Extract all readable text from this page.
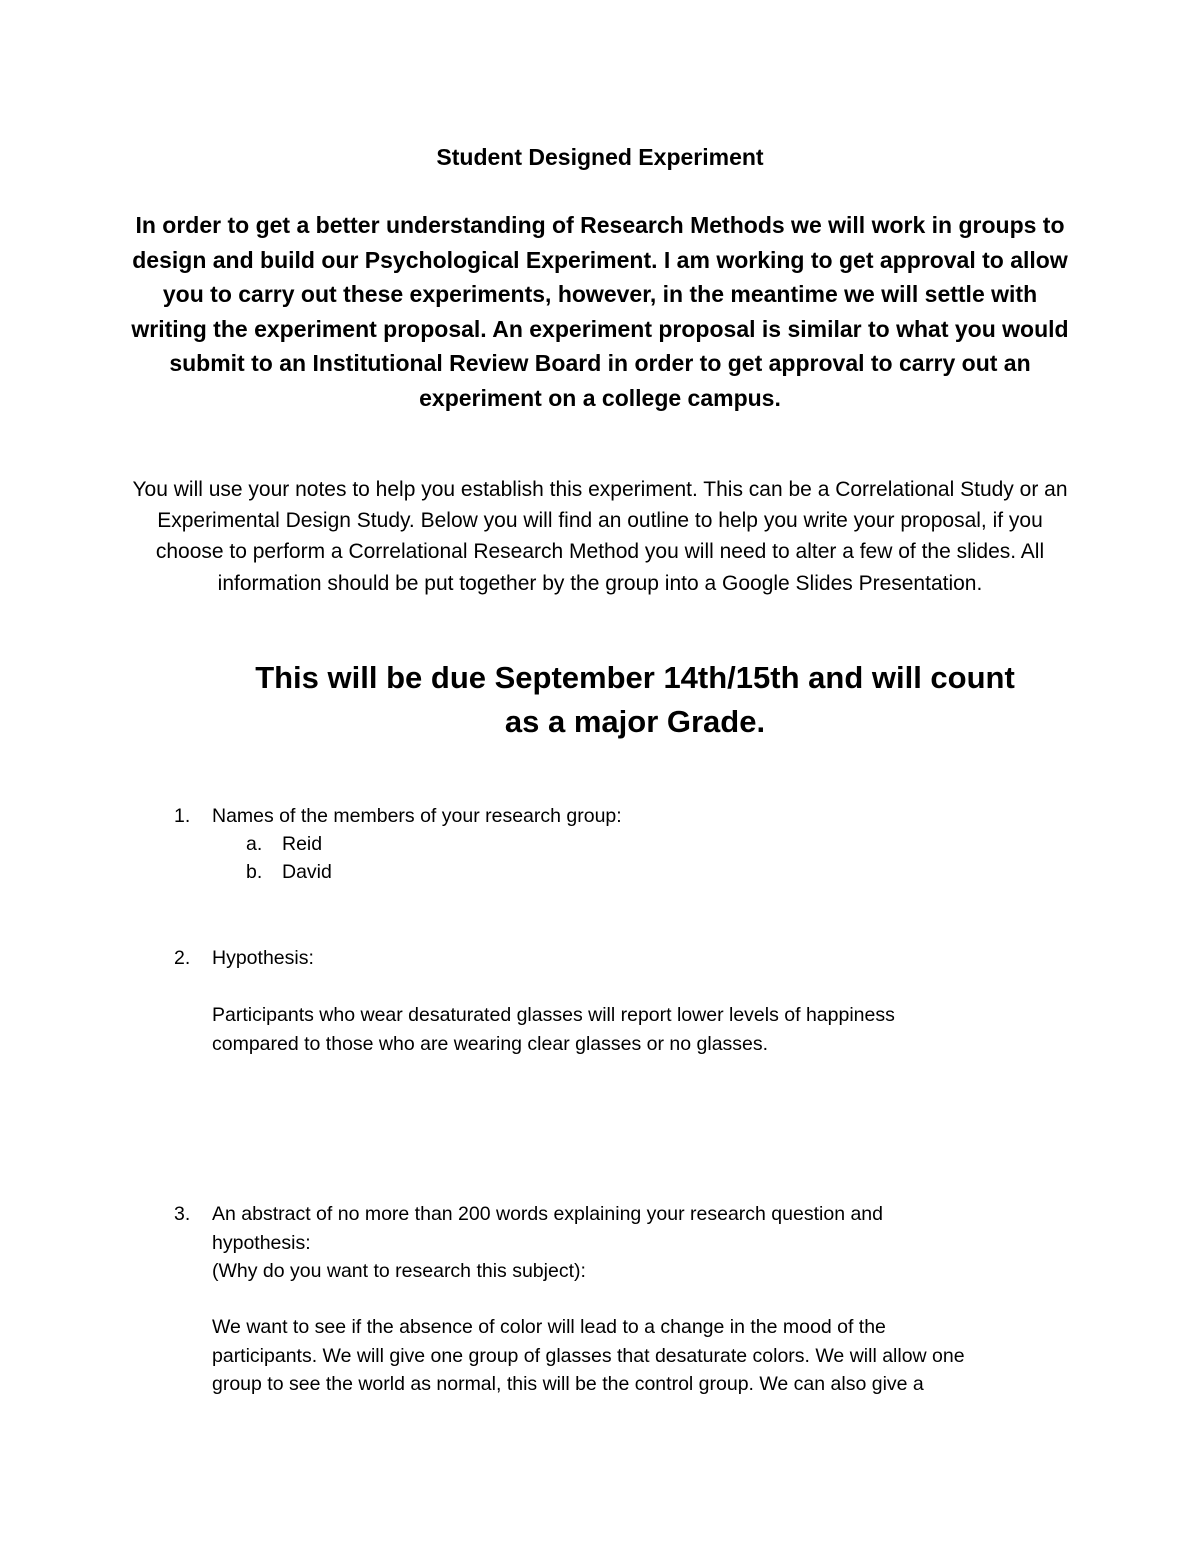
Student Designed Experiment
In order to get a better understanding of Research Methods we will work in groups to design and build our Psychological Experiment. I am working to get approval to allow you to carry out these experiments, however, in the meantime we will settle with writing the experiment proposal. An experiment proposal is similar to what you would submit to an Institutional Review Board in order to get approval to carry out an experiment on a college campus.
You will use your notes to help you establish this experiment. This can be a Correlational Study or an Experimental Design Study. Below you will find an outline to help you write your proposal, if you choose to perform a Correlational Research Method you will need to alter a few of the slides. All information should be put together by the group into a Google Slides Presentation.
This will be due September 14th/15th and will count
as a major Grade.
1. Names of the members of your research group:
a. Reid
b. David
2. Hypothesis:
Participants who wear desaturated glasses will report lower levels of happiness
compared to those who are wearing clear glasses or no glasses.
3. An abstract of no more than 200 words explaining your research question and
hypothesis:
(Why do you want to research this subject):
We want to see if the absence of color will lead to a change in the mood of the
participants. We will give one group of glasses that desaturate colors. We will allow one
group to see the world as normal, this will be the control group. We can also give a
